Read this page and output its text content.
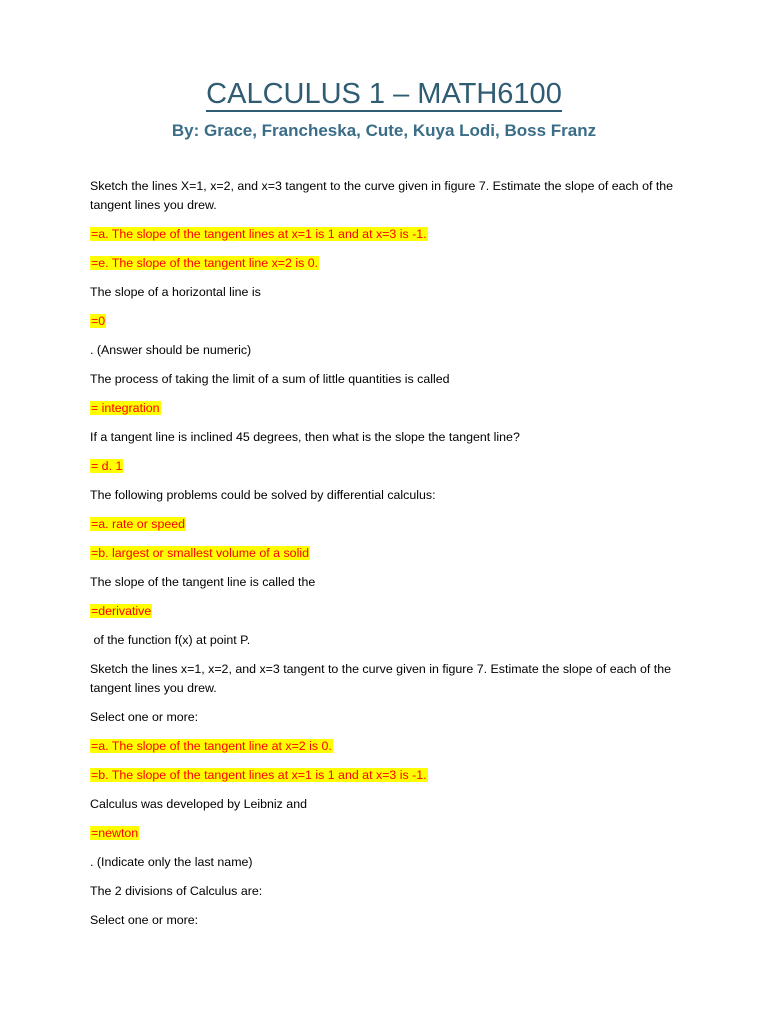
CALCULUS 1 – MATH6100
By: Grace, Francheska, Cute, Kuya Lodi, Boss Franz

Sketch the lines X=1, x=2, and x=3 tangent to the curve given in figure 7. Estimate the slope of each of the tangent lines you drew.

=a. The slope of the tangent lines at x=1 is 1 and at x=3 is -1.

=e. The slope of the tangent line x=2 is 0.

The slope of a horizontal line is

=0

. (Answer should be numeric)

The process of taking the limit of a sum of little quantities is called

= integration

If a tangent line is inclined 45 degrees, then what is the slope the tangent line?

= d. 1

The following problems could be solved by differential calculus:

=a. rate or speed

=b. largest or smallest volume of a solid

The slope of the tangent line is called the

=derivative

of the function f(x) at point P.

Sketch the lines x=1, x=2, and x=3 tangent to the curve given in figure 7. Estimate the slope of each of the tangent lines you drew.

Select one or more:

=a. The slope of the tangent line at x=2 is 0.

=b. The slope of the tangent lines at x=1 is 1 and at x=3 is -1.

Calculus was developed by Leibniz and

=newton

. (Indicate only the last name)

The 2 divisions of Calculus are:

Select one or more:
